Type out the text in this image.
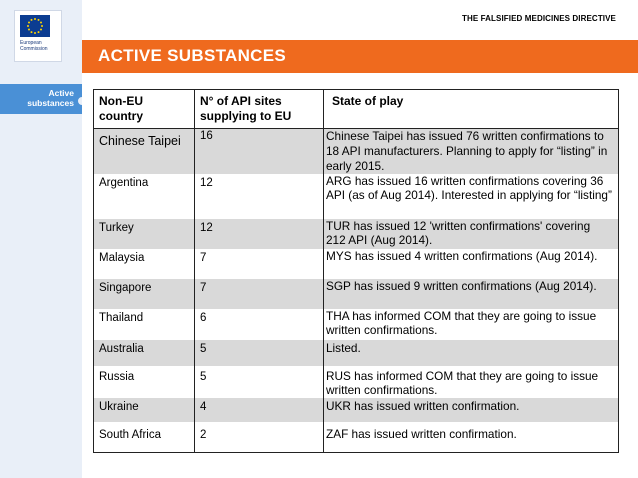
European
Commission
THE FALSIFIED MEDICINES DIRECTIVE
ACTIVE SUBSTANCES
Active
substances Non-EU country	N° of API sites supplying to EU	State of play
Chinese Taipei	16	Chinese Taipei has issued 76 written confirmations to 18 API manufacturers. Planning to apply for “listing” in early 2015.
Argentina	12	ARG has issued 16 written confirmations covering 36 API (as of Aug 2014). Interested in applying for “listing”
Turkey	12	TUR has issued 12 'written confirmations' covering 212 API (Aug 2014).
Malaysia	7	MYS has issued 4 written confirmations (Aug 2014).
Singapore	7	SGP has issued 9 written confirmations (Aug 2014).
Thailand	6	THA has informed COM that they are going to issue written confirmations.
Australia	5	Listed.
Russia	5	RUS has informed COM that they are going to issue written confirmations.
Ukraine	4	UKR has issued written confirmation.
South Africa	2	ZAF has issued written confirmation.
